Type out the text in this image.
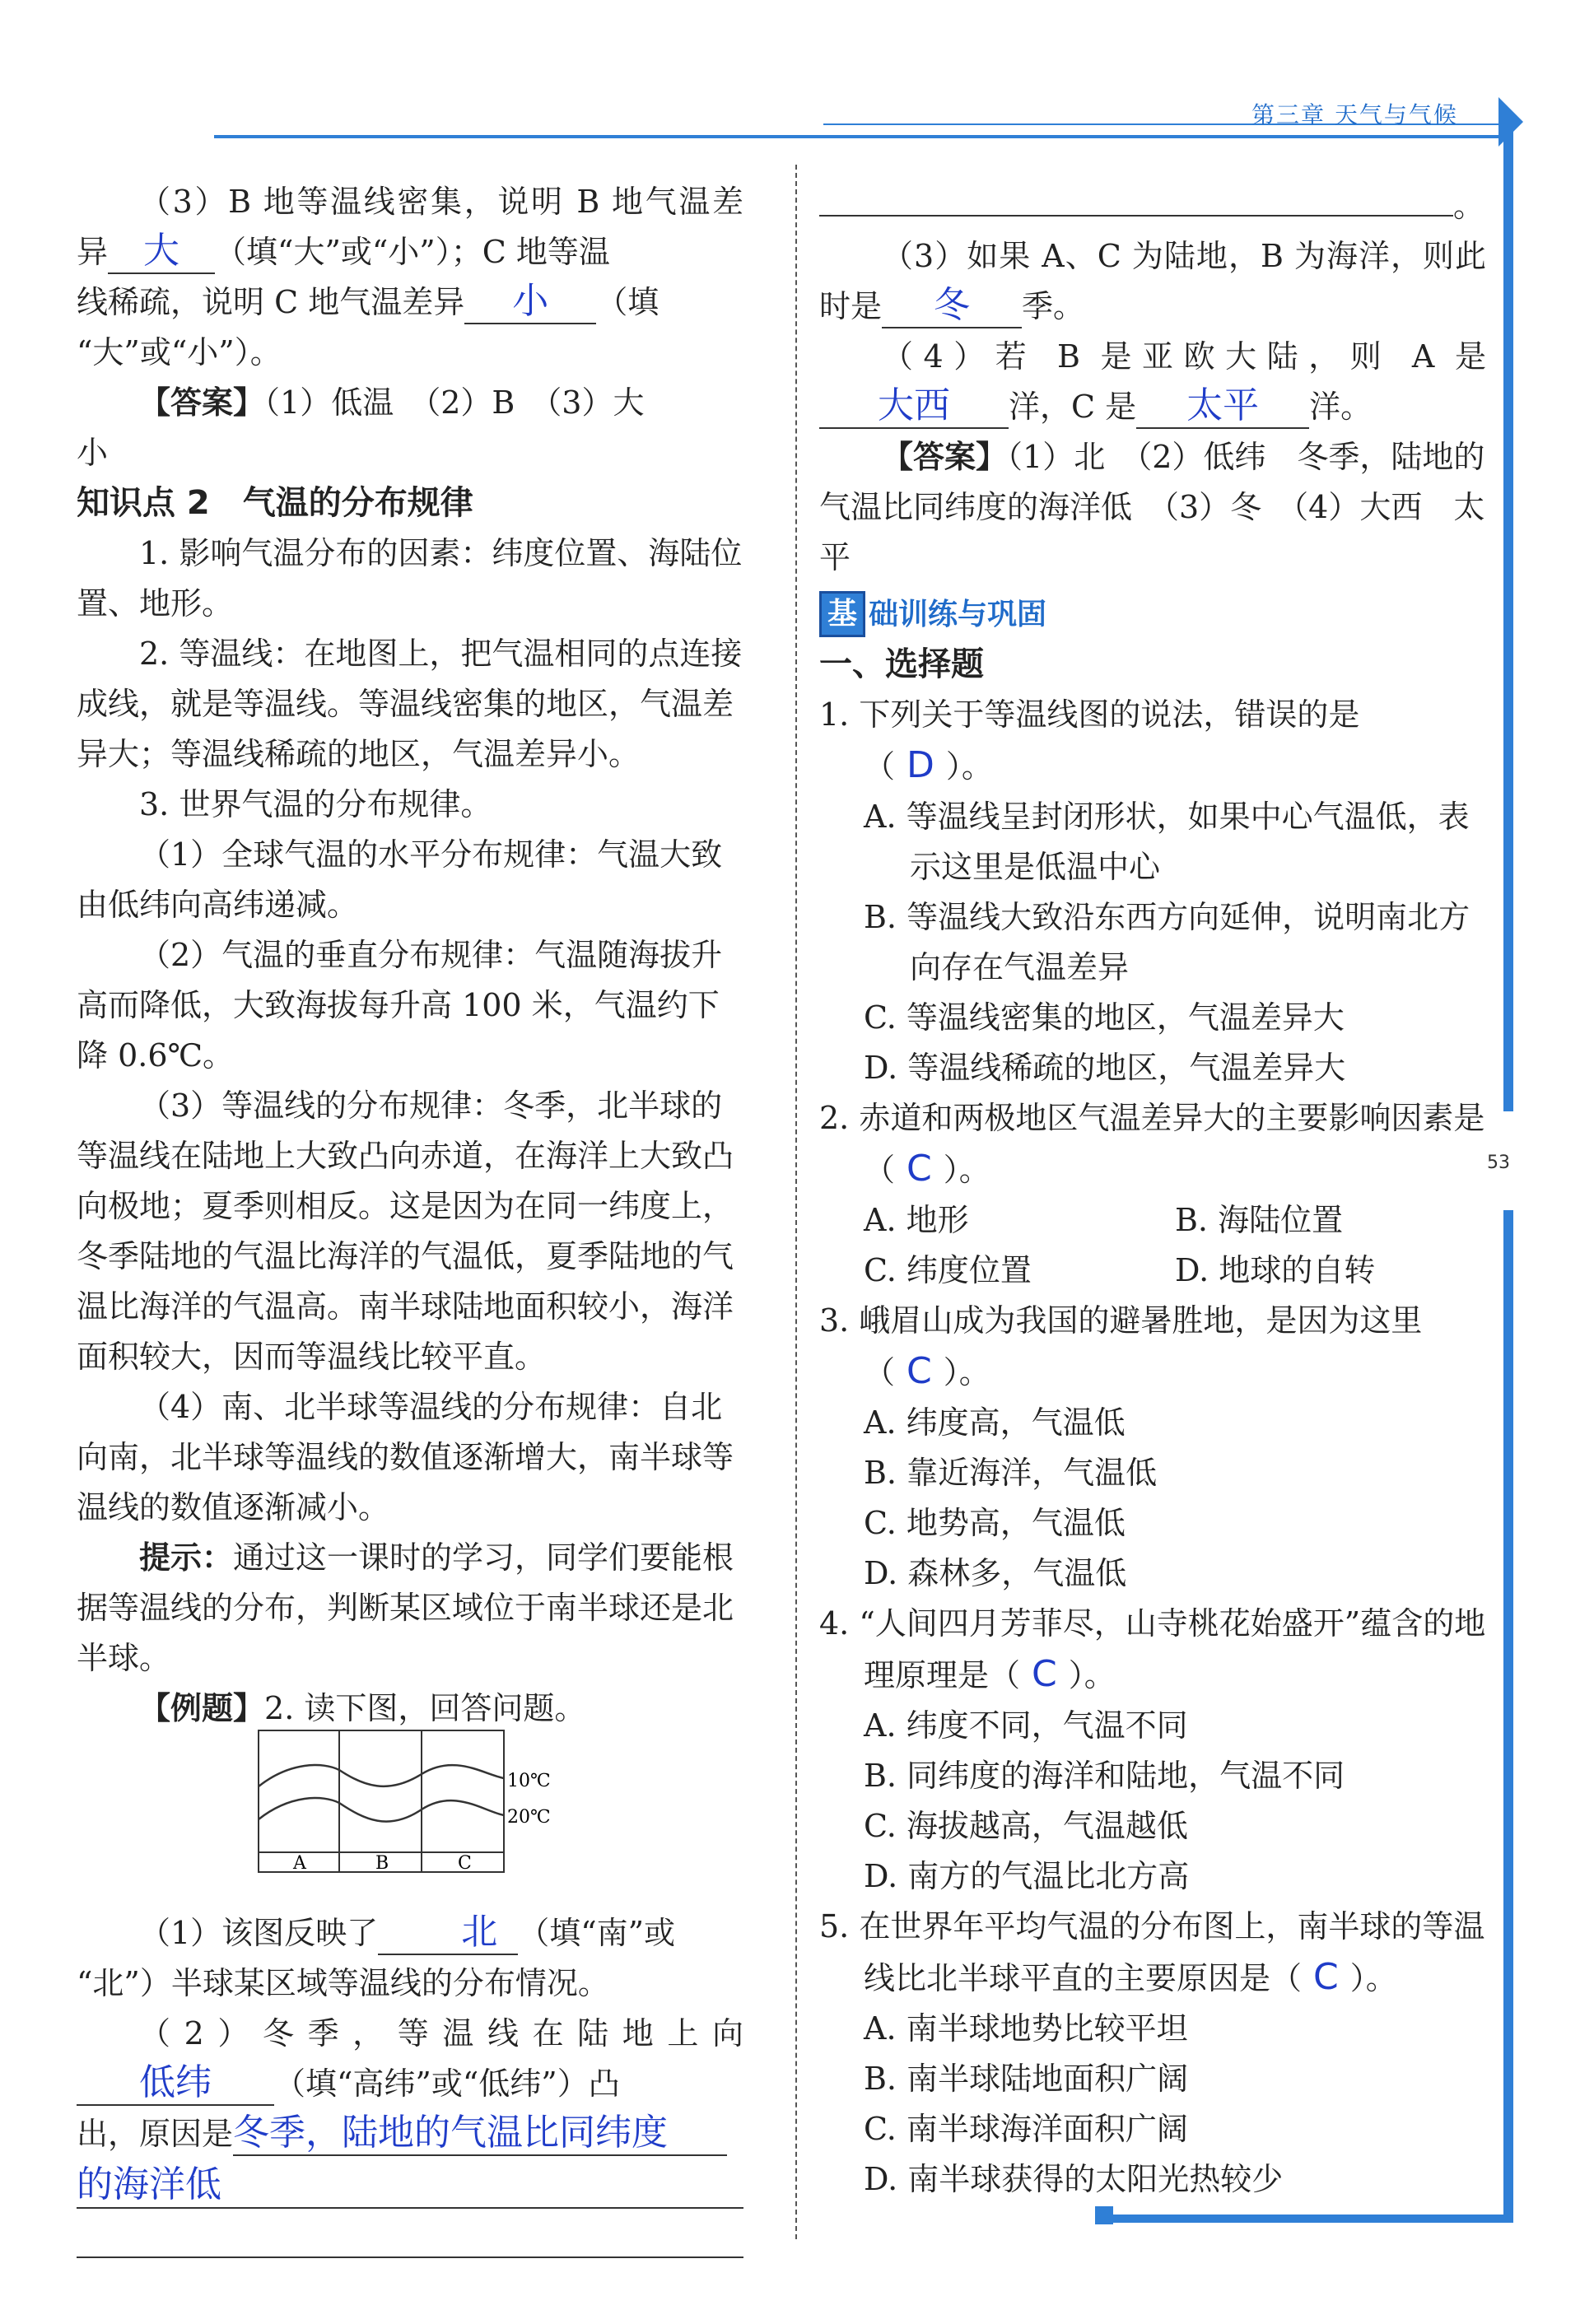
第三章 天气与气候
53

（3）B 地等温线密集，说明 B 地气温差

异 大 （填“大”或“小”）；C 地等温

线稀疏，说明 C 地气温差异 小 （填

“大”或“小”）。

【答案】（1）低温　（2）B　（3）大

小

知识点 2　气温的分布规律

1. 影响气温分布的因素：纬度位置、海陆位置、地形。

2. 等温线：在地图上，把气温相同的点连接成线，就是等温线。等温线密集的地区，气温差异大；等温线稀疏的地区，气温差异小。

3. 世界气温的分布规律。

（1）全球气温的水平分布规律：气温大致由低纬向高纬递减。

（2）气温的垂直分布规律：气温随海拔升高而降低，大致海拔每升高 100 米，气温约下降 0.6℃。

（3）等温线的分布规律：冬季，北半球的等温线在陆地上大致凸向赤道，在海洋上大致凸向极地；夏季则相反。这是因为在同一纬度上，冬季陆地的气温比海洋的气温低，夏季陆地的气温比海洋的气温高。南半球陆地面积较小，海洋面积较大，因而等温线比较平直。

（4）南、北半球等温线的分布规律：自北向南，北半球等温线的数值逐渐增大，南半球等温线的数值逐渐减小。

提示：通过这一课时的学习，同学们要能根据等温线的分布，判断某区域位于南半球还是北半球。

【例题】2. 读下图，回答问题。

（1）该图反映了 北 （填“南”或

“北”）半球某区域等温线的分布情况。

（2）冬季，等温线在陆地上向

低纬 （填“高纬”或“低纬”）凸

出，原因是冬季，陆地的气温比同纬度

的海洋低
10℃
20℃
A	B	C

。

（3）如果 A、C 为陆地，B 为海洋，则此

时是 冬 季。

（4）若 B 是亚欧大陆，则 A 是

大西 洋，C 是 太平 洋。

【答案】（1）北　（2）低纬　冬季，陆地的气温比同纬度的海洋低　（3）冬　（4）大西　太平

基 础训练与巩固

一、选择题

1. 下列关于等温线图的说法，错误的是（ D ）。

A. 等温线呈封闭形状，如果中心气温低，表示这里是低温中心

B. 等温线大致沿东西方向延伸，说明南北方向存在气温差异

C. 等温线密集的地区，气温差异大

D. 等温线稀疏的地区，气温差异大

2. 赤道和两极地区气温差异大的主要影响因素是（ C ）。

A. 地形	B. 海陆位置

C. 纬度位置	D. 地球的自转

3. 峨眉山成为我国的避暑胜地，是因为这里（ C ）。

A. 纬度高，气温低

B. 靠近海洋，气温低

C. 地势高，气温低

D. 森林多，气温低

4. “人间四月芳菲尽，山寺桃花始盛开”蕴含的地理原理是（ C ）。

A. 纬度不同，气温不同

B. 同纬度的海洋和陆地，气温不同

C. 海拔越高，气温越低

D. 南方的气温比北方高

5. 在世界年平均气温的分布图上，南半球的等温线比北半球平直的主要原因是（ C ）。

A. 南半球地势比较平坦

B. 南半球陆地面积广阔

C. 南半球海洋面积广阔

D. 南半球获得的太阳光热较少
